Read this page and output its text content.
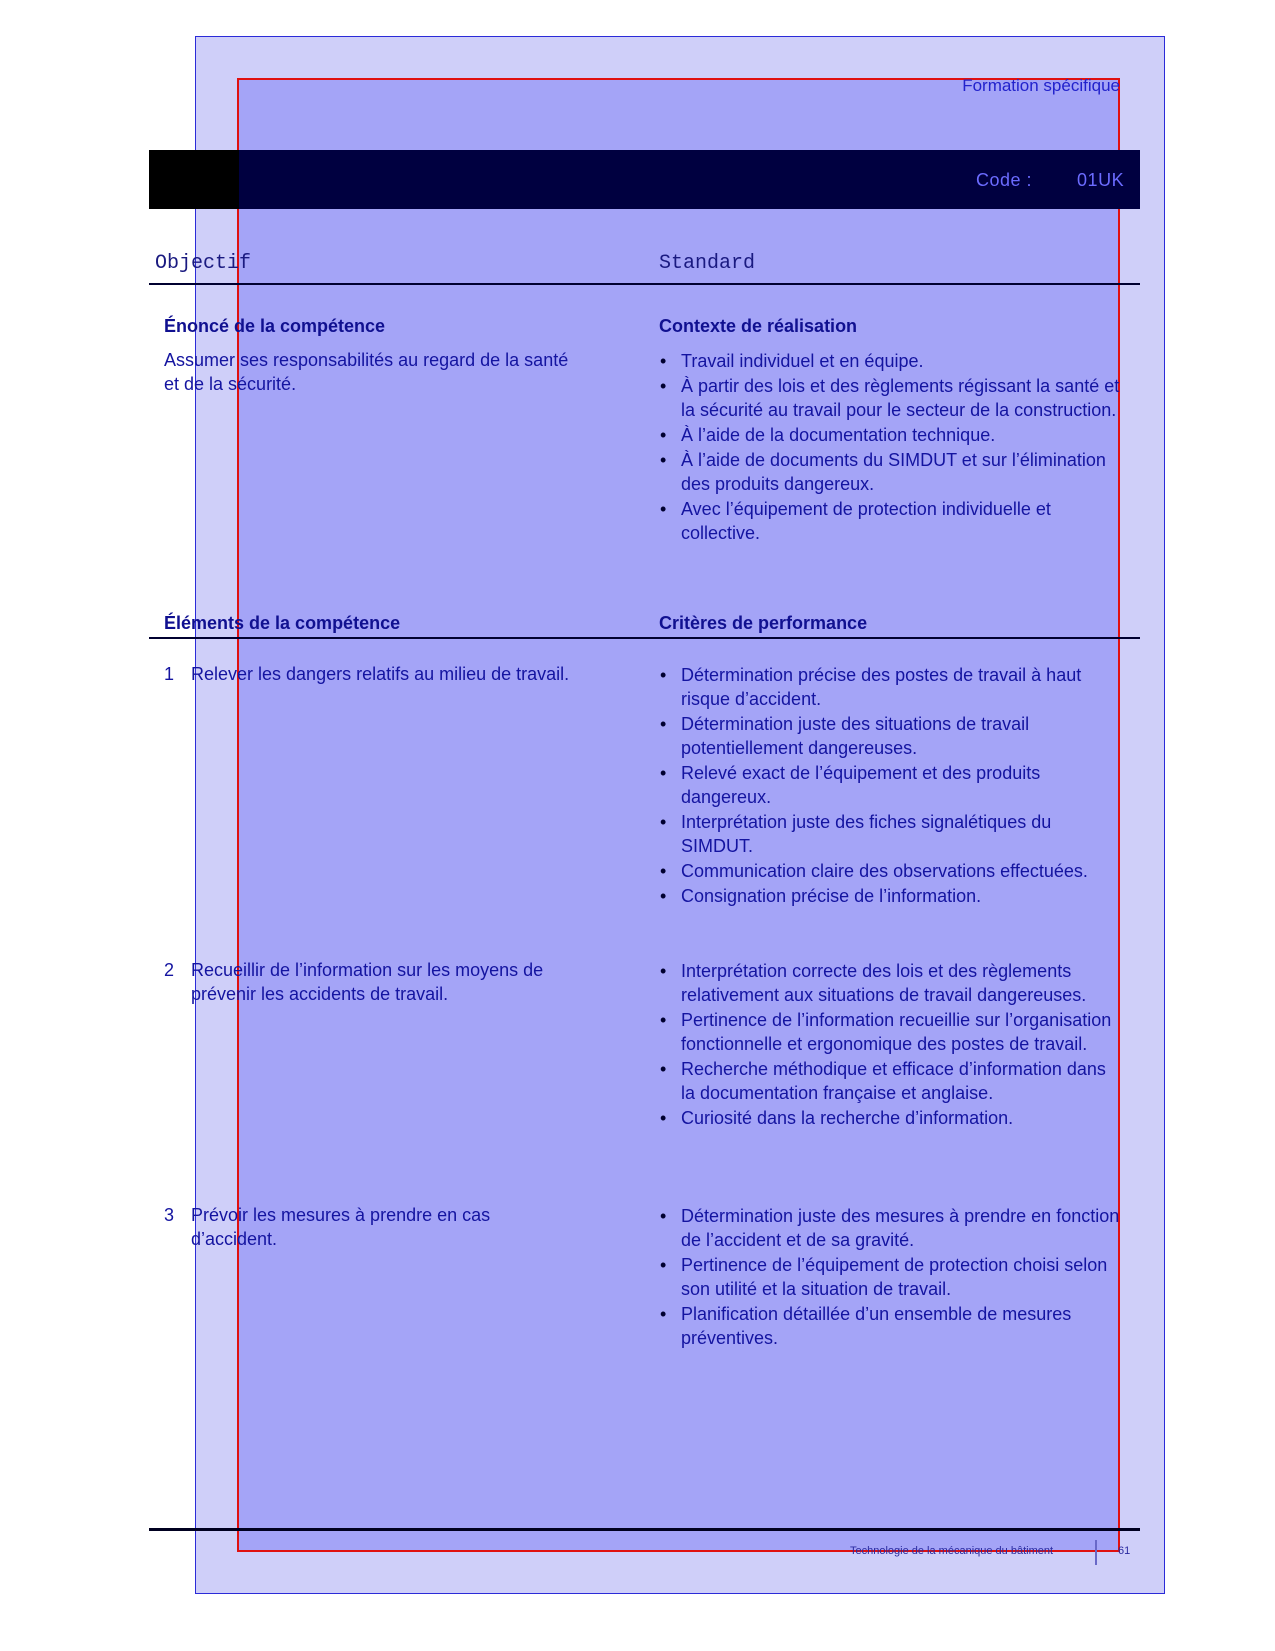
Formation spécifique
Code :	01UK
Objectif	Standard
Énoncé de la compétence	Contexte de réalisation
Assumer ses responsabilités au regard de la santé
et de la sécurité.
• Travail individuel et en équipe.
• À partir des lois et des règlements régissant la santé et la sécurité au travail pour le secteur de la construction.
• À l’aide de la documentation technique.
• À l’aide de documents du SIMDUT et sur l’élimination des produits dangereux.
• Avec l’équipement de protection individuelle et collective.
Éléments de la compétence	Critères de performance
1 Relever les dangers relatifs au milieu de travail.
•	Détermination précise des postes de travail à haut risque d’accident.
• Détermination juste des situations de travail potentiellement dangereuses.
• Relevé exact de l’équipement et des produits dangereux.
• Interprétation juste des fiches signalétiques du SIMDUT.
• Communication claire des observations effectuées.
• Consignation précise de l’information.
2 Recueillir de l’information sur les moyens de prévenir les accidents de travail.
• Interprétation correcte des lois et des règlements relativement aux situations de travail dangereuses.
• Pertinence de l’information recueillie sur l’organisation fonctionnelle et ergonomique des postes de travail.
• Recherche méthodique et efficace d’information dans la documentation française et anglaise.
• Curiosité dans la recherche d’information.
3 Prévoir les mesures à prendre en cas d’accident.
• Détermination juste des mesures à prendre en fonction de l’accident et de sa gravité.
• Pertinence de l’équipement de protection choisi selon son utilité et la situation de travail.
• Planification détaillée d’un ensemble de mesures préventives.
Technologie de la mécanique du bâtiment	61
